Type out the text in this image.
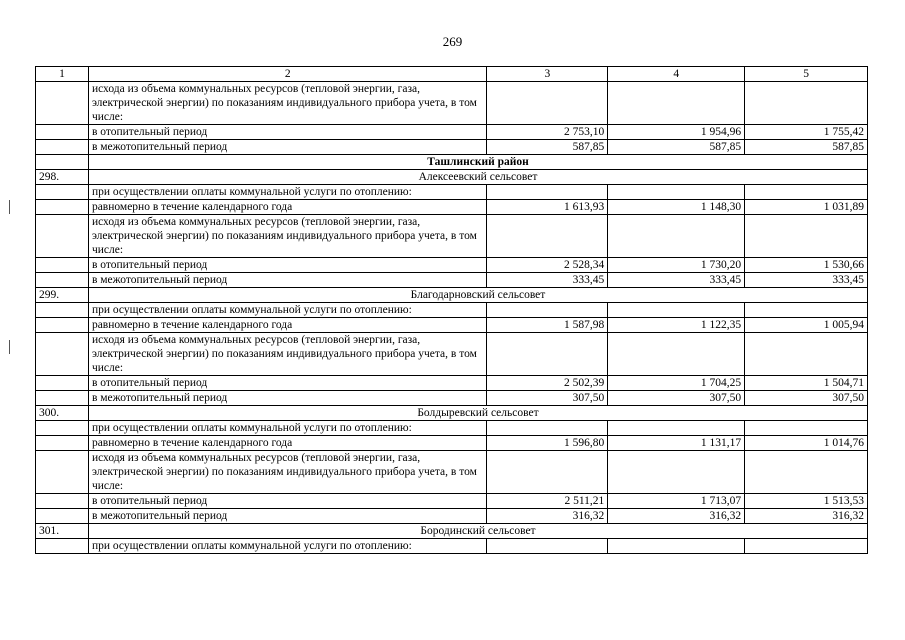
269
1	2	3	4	5
	исхода из объема коммунальных ресурсов (тепловой энергии, газа, электрической энергии) по показаниям индивидуального прибора учета, в том числе:			
	в отопительный период	2 753,10	1 954,96	1 755,42
	в межотопительный период	587,85	587,85	587,85
	Ташлинский район			
298.	Алексеевский сельсовет			
	при осуществлении оплаты коммунальной услуги по отоплению:			
	равномерно в течение календарного года	1 613,93	1 148,30	1 031,89
	исходя из объема коммунальных ресурсов (тепловой энергии, газа, электрической энергии) по показаниям индивидуального прибора учета, в том числе:			
	в отопительный период	2 528,34	1 730,20	1 530,66
	в межотопительный период	333,45	333,45	333,45
299.	Благодарновский сельсовет			
	при осуществлении оплаты коммунальной услуги по отоплению:			
	равномерно в течение календарного года	1 587,98	1 122,35	1 005,94
	исходя из объема коммунальных ресурсов (тепловой энергии, газа, электрической энергии) по показаниям индивидуального прибора учета, в том числе:			
	в отопительный период	2 502,39	1 704,25	1 504,71
	в межотопительный период	307,50	307,50	307,50
300.	Болдыревский сельсовет			
	при осуществлении оплаты коммунальной услуги по отоплению:			
	равномерно в течение календарного года	1 596,80	1 131,17	1 014,76
	исходя из объема коммунальных ресурсов (тепловой энергии, газа, электрической энергии) по показаниям индивидуального прибора учета, в том числе:			
	в отопительный период	2 511,21	1 713,07	1 513,53
	в межотопительный период	316,32	316,32	316,32
301.	Бородинский сельсовет			
	при осуществлении оплаты коммунальной услуги по отоплению:			
